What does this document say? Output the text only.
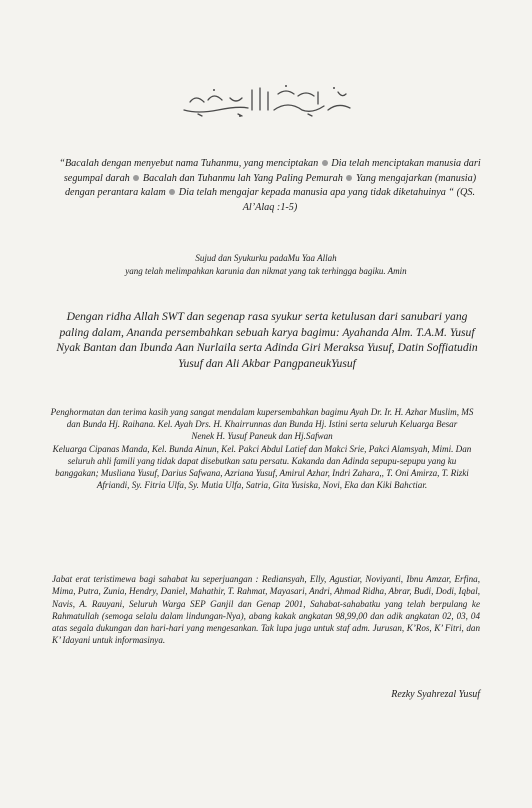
“Bacalah dengan menyebut nama Tuhanmu, yang menciptakan Dia telah menciptakan manusia dari segumpal darah Bacalah dan Tuhanmu lah Yang Paling Pemurah Yang mengajarkan (manusia) dengan perantara kalam Dia telah mengajar kepada manusia apa yang tidak diketahuinya “ (QS. Al’Alaq :1-5)

Sujud dan Syukurku padaMu Yaa Allah
yang telah melimpahkan karunia dan nikmat yang tak terhingga bagiku. Amin

Dengan ridha Allah SWT dan segenap rasa syukur serta ketulusan dari sanubari yang paling dalam, Ananda persembahkan sebuah karya bagimu: Ayahanda Alm. T.A.M. Yusuf Nyak Bantan dan Ibunda Aan Nurlaila serta Adinda Giri Meraksa Yusuf, Datin Soffiatudin Yusuf dan Ali Akbar PangpaneukYusuf

Penghormatan dan terima kasih yang sangat mendalam kupersembahkan bagimu Ayah Dr. Ir. H. Azhar Muslim, MS dan Bunda Hj. Raihana. Kel. Ayah Drs. H. Khairrunnas dan Bunda Hj. Istini serta seluruh Keluarga Besar
Nenek H. Yusuf Paneuk dan Hj.Safwan
Keluarga Cipanas Manda, Kel. Bunda Ainun, Kel. Pakci Abdul Latief dan Makci Srie, Pakci Alamsyah, Mimi. Dan seluruh ahli famili yang tidak dapat disebutkan satu persatu. Kakanda dan Adinda sepupu-sepupu yang ku banggakan; Musliana Yusuf, Darius Safwana, Azriana Yusuf, Amirul Azhar, Indri Zahara,, T. Oni Amirza, T. Rizki Afriandi, Sy. Fitria Ulfa, Sy. Mutia Ulfa, Satria, Gita Yusiska, Novi, Eka dan Kiki Bahctiar.

Jabat erat teristimewa bagi sahabat ku seperjuangan : Rediansyah, Elly, Agustiar, Noviyanti, Ibnu Amzar, Erfina, Mima, Putra, Zunia, Hendry, Daniel, Mahathir, T. Rahmat, Mayasari, Andri, Ahmad Ridha, Abrar, Budi, Dodi, Iqbal, Navis, A. Rauyani, Seluruh Warga SEP Ganjil dan Genap 2001, Sahabat-sahabatku yang telah berpulang ke Rahmatullah (semoga selalu dalam lindungan-Nya), abang kakak angkatan 98,99,00 dan adik angkatan 02, 03, 04 atas segala dukungan dan hari-hari yang mengesankan. Tak lupa juga untuk staf adm. Jurusan, K’Ros, K’ Fitri, dan K’ Idayani untuk informasinya.

Rezky Syahrezal Yusuf
